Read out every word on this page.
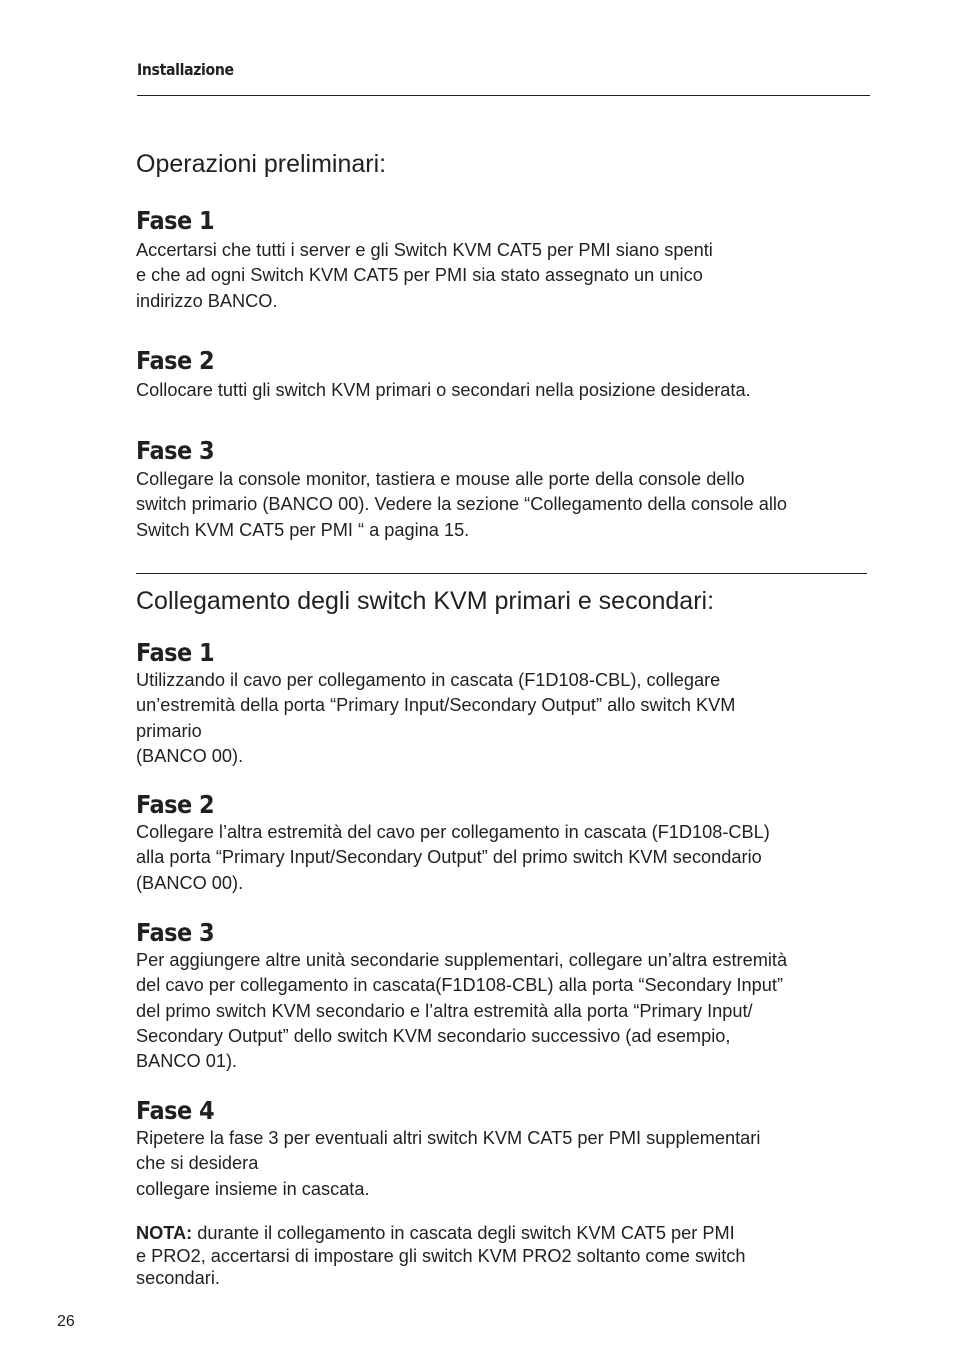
Installazione
Operazioni preliminari:
Fase 1

Accertarsi che tutti i server e gli Switch KVM CAT5 per PMI siano spenti
e che ad ogni Switch KVM CAT5 per PMI sia stato assegnato un unico
indirizzo BANCO.

Fase 2

Collocare tutti gli switch KVM primari o secondari nella posizione desiderata.

Fase 3

Collegare la console monitor, tastiera e mouse alle porte della console dello
switch primario (BANCO 00). Vedere la sezione “Collegamento della console allo
Switch KVM CAT5 per PMI “ a pagina 15.

Collegamento degli switch KVM primari e secondari:
Fase 1

Utilizzando il cavo per collegamento in cascata (F1D108-CBL), collegare
un’estremità della porta “Primary Input/Secondary Output” allo switch KVM
primario
(BANCO 00).

Fase 2

Collegare l’altra estremità del cavo per collegamento in cascata (F1D108-CBL)
alla porta “Primary Input/Secondary Output” del primo switch KVM secondario
(BANCO 00).

Fase 3

Per aggiungere altre unità secondarie supplementari, collegare un’altra estremità
del cavo per collegamento in cascata(F1D108-CBL) alla porta “Secondary Input”
del primo switch KVM secondario e l’altra estremità alla porta “Primary Input/
Secondary Output” dello switch KVM secondario successivo (ad esempio,
BANCO 01).

Fase 4

Ripetere la fase 3 per eventuali altri switch KVM CAT5 per PMI supplementari
che si desidera
collegare insieme in cascata.

NOTA: durante il collegamento in cascata degli switch KVM CAT5 per PMI
e PRO2, accertarsi di impostare gli switch KVM PRO2 soltanto come switch
secondari.

26
